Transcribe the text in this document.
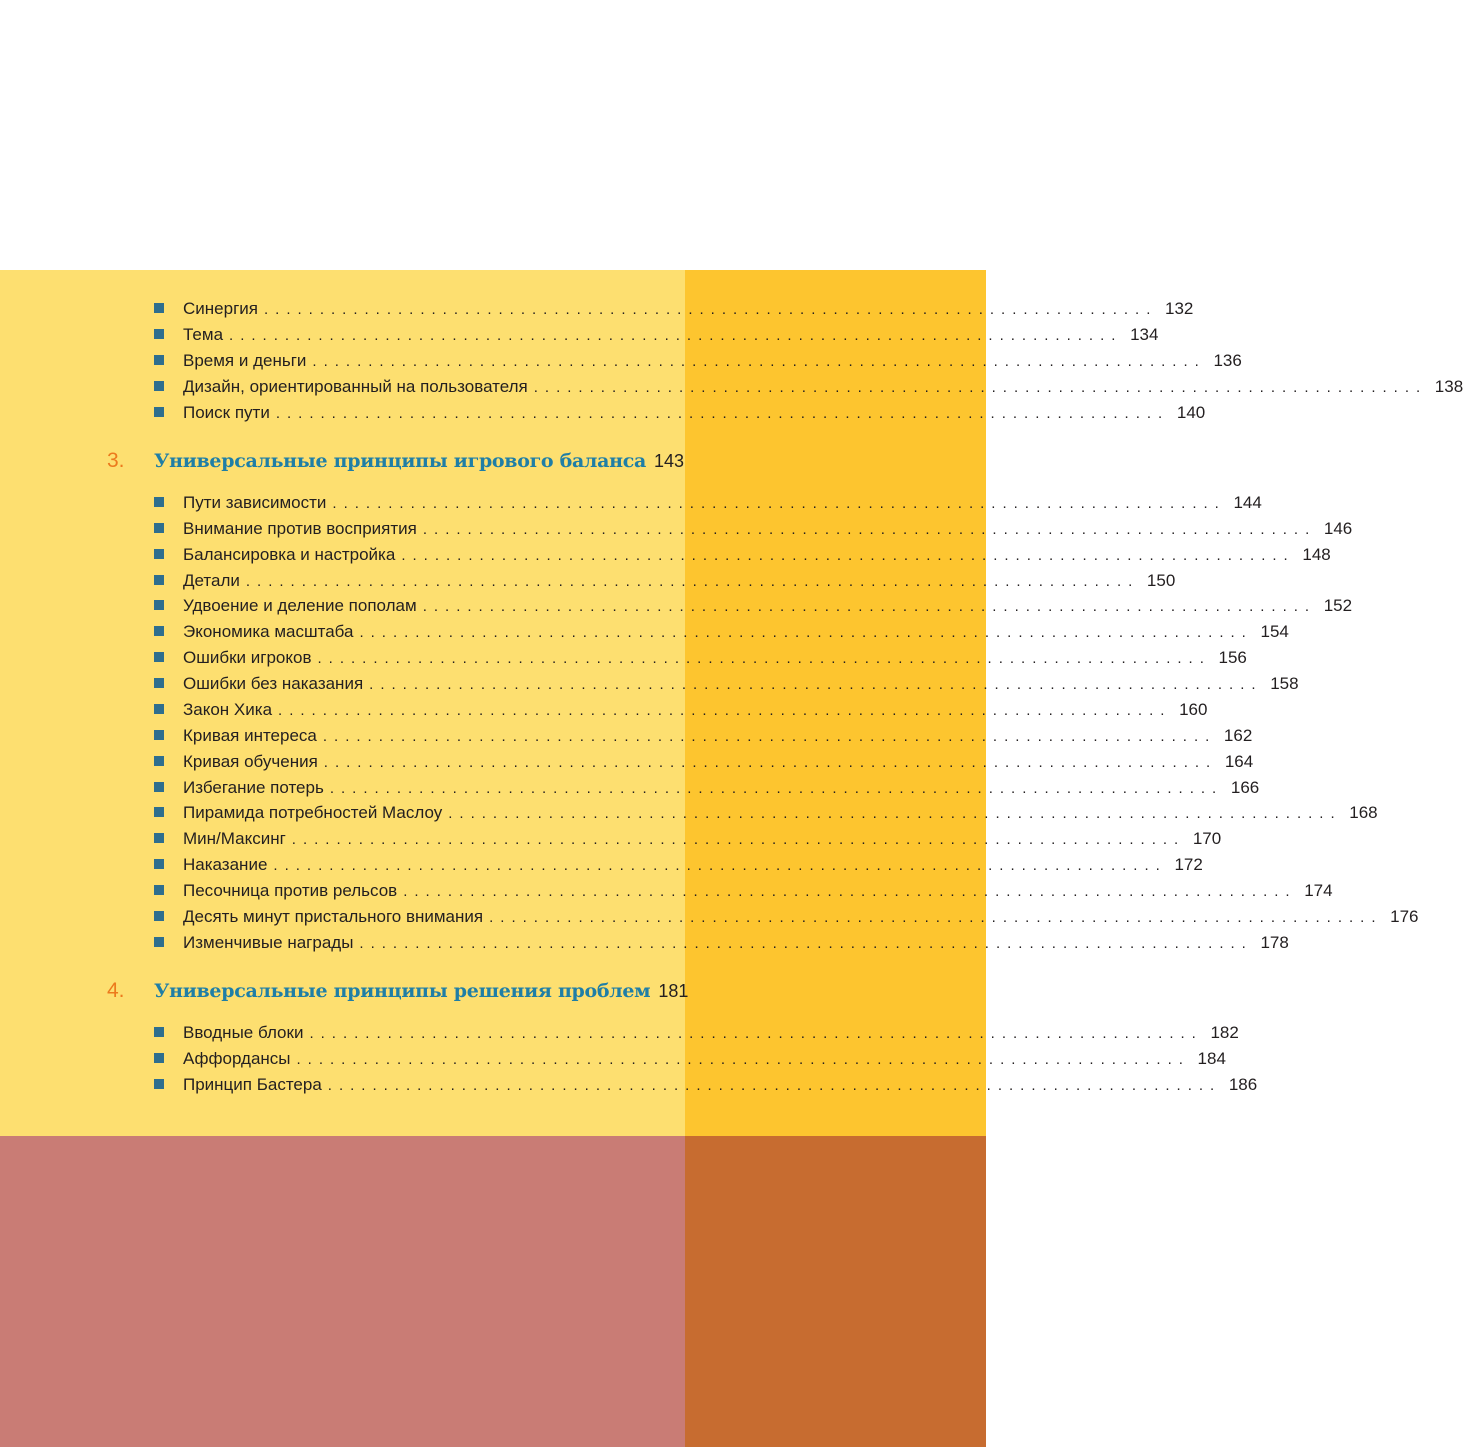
Синергия ................................................................................ 132
Тема ................................................................................ 134
Время и деньги ................................................................................ 136
Дизайн, ориентированный на пользователя ................................................................................ 138
Поиск пути ................................................................................ 140
3.	Универсальные принципы игрового баланса 143
Пути зависимости ................................................................................ 144
Внимание против восприятия ................................................................................ 146
Балансировка и настройка ................................................................................ 148
Детали ................................................................................ 150
Удвоение и деление пополам ................................................................................ 152
Экономика масштаба ................................................................................ 154
Ошибки игроков ................................................................................ 156
Ошибки без наказания ................................................................................ 158
Закон Хика ................................................................................ 160
Кривая интереса ................................................................................ 162
Кривая обучения ................................................................................ 164
Избегание потерь ................................................................................ 166
Пирамида потребностей Маслоу ................................................................................ 168
Мин/Максинг ................................................................................ 170
Наказание ................................................................................ 172
Песочница против рельсов ................................................................................ 174
Десять минут пристального внимания ................................................................................ 176
Изменчивые награды ................................................................................ 178
4.	Универсальные принципы решения проблем 181
Вводные блоки ................................................................................ 182
Аффордансы ................................................................................ 184
Принцип Бастера ................................................................................ 186
